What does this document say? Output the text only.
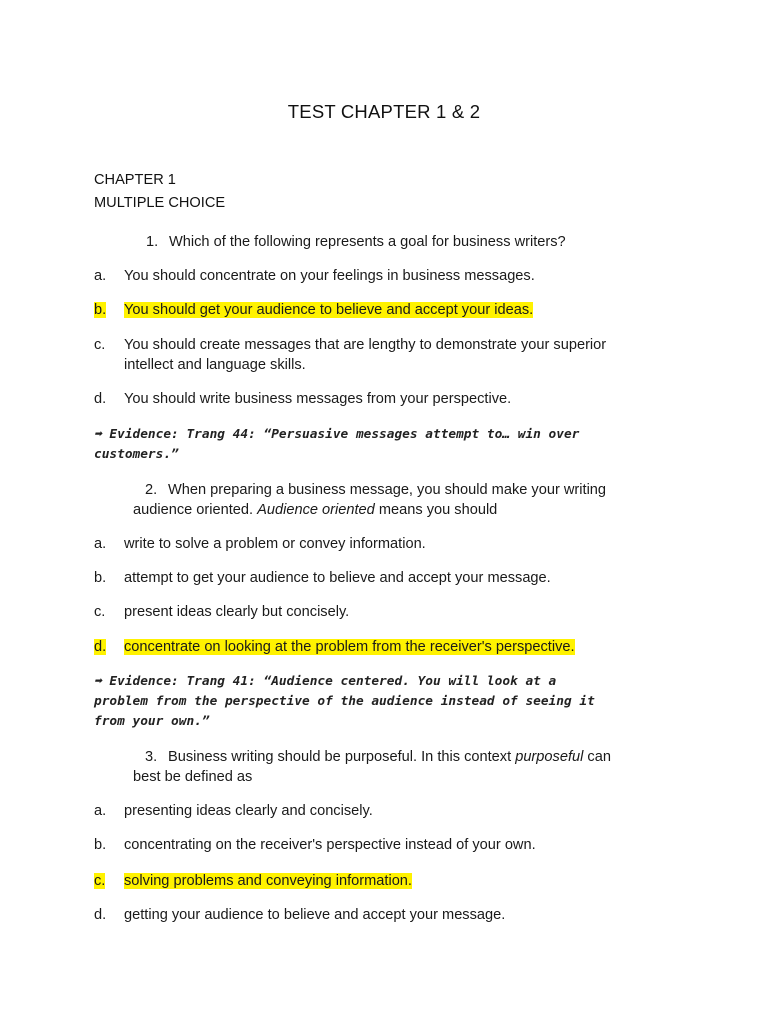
TEST CHAPTER 1 & 2
CHAPTER 1
MULTIPLE CHOICE
1. Which of the following represents a goal for business writers?
a. You should concentrate on your feelings in business messages.
b. You should get your audience to believe and accept your ideas.
c. You should create messages that are lengthy to demonstrate your superior
intellect and language skills.
d. You should write business messages from your perspective.
➡ Evidence: Trang 44: “Persuasive messages attempt to… win over
customers.”
2. When preparing a business message, you should make your writing
audience oriented. Audience oriented means you should
a. write to solve a problem or convey information.
b. attempt to get your audience to believe and accept your message.
c. present ideas clearly but concisely.
d. concentrate on looking at the problem from the receiver's perspective.
➡ Evidence: Trang 41: “Audience centered. You will look at a
problem from the perspective of the audience instead of seeing it
from your own.”
3. Business writing should be purposeful. In this context purposeful can
best be defined as
a. presenting ideas clearly and concisely.
b. concentrating on the receiver's perspective instead of your own.
c. solving problems and conveying information.
d. getting your audience to believe and accept your message.
